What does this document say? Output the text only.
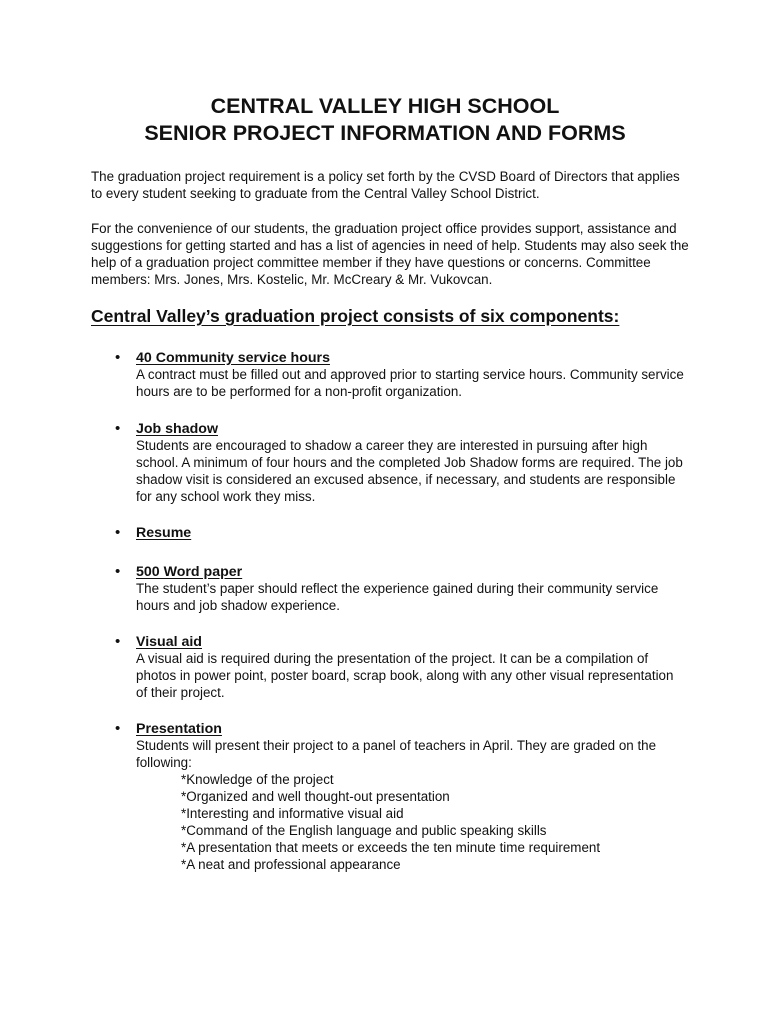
CENTRAL VALLEY HIGH SCHOOL
SENIOR PROJECT INFORMATION AND FORMS

The graduation project requirement is a policy set forth by the CVSD Board of Directors that applies to every student seeking to graduate from the Central Valley School District.

For the convenience of our students, the graduation project office provides support, assistance and suggestions for getting started and has a list of agencies in need of help. Students may also seek the help of a graduation project committee member if they have questions or concerns. Committee members: Mrs. Jones, Mrs. Kostelic, Mr. McCreary & Mr. Vukovcan.

Central Valley’s graduation project consists of six components:
•	40 Community service hours

A contract must be filled out and approved prior to starting service hours. Community service hours are to be performed for a non-profit organization.

•	Job shadow

Students are encouraged to shadow a career they are interested in pursuing after high school. A minimum of four hours and the completed Job Shadow forms are required. The job shadow visit is considered an excused absence, if necessary, and students are responsible for any school work they miss.

•	Resume

•	500 Word paper

The student’s paper should reflect the experience gained during their community service hours and job shadow experience.

•	Visual aid

A visual aid is required during the presentation of the project. It can be a compilation of photos in power point, poster board, scrap book, along with any other visual representation of their project.

•	Presentation

Students will present their project to a panel of teachers in April. They are graded on the following:

*Knowledge of the project
*Organized and well thought-out presentation
*Interesting and informative visual aid
*Command of the English language and public speaking skills
*A presentation that meets or exceeds the ten minute time requirement
*A neat and professional appearance
